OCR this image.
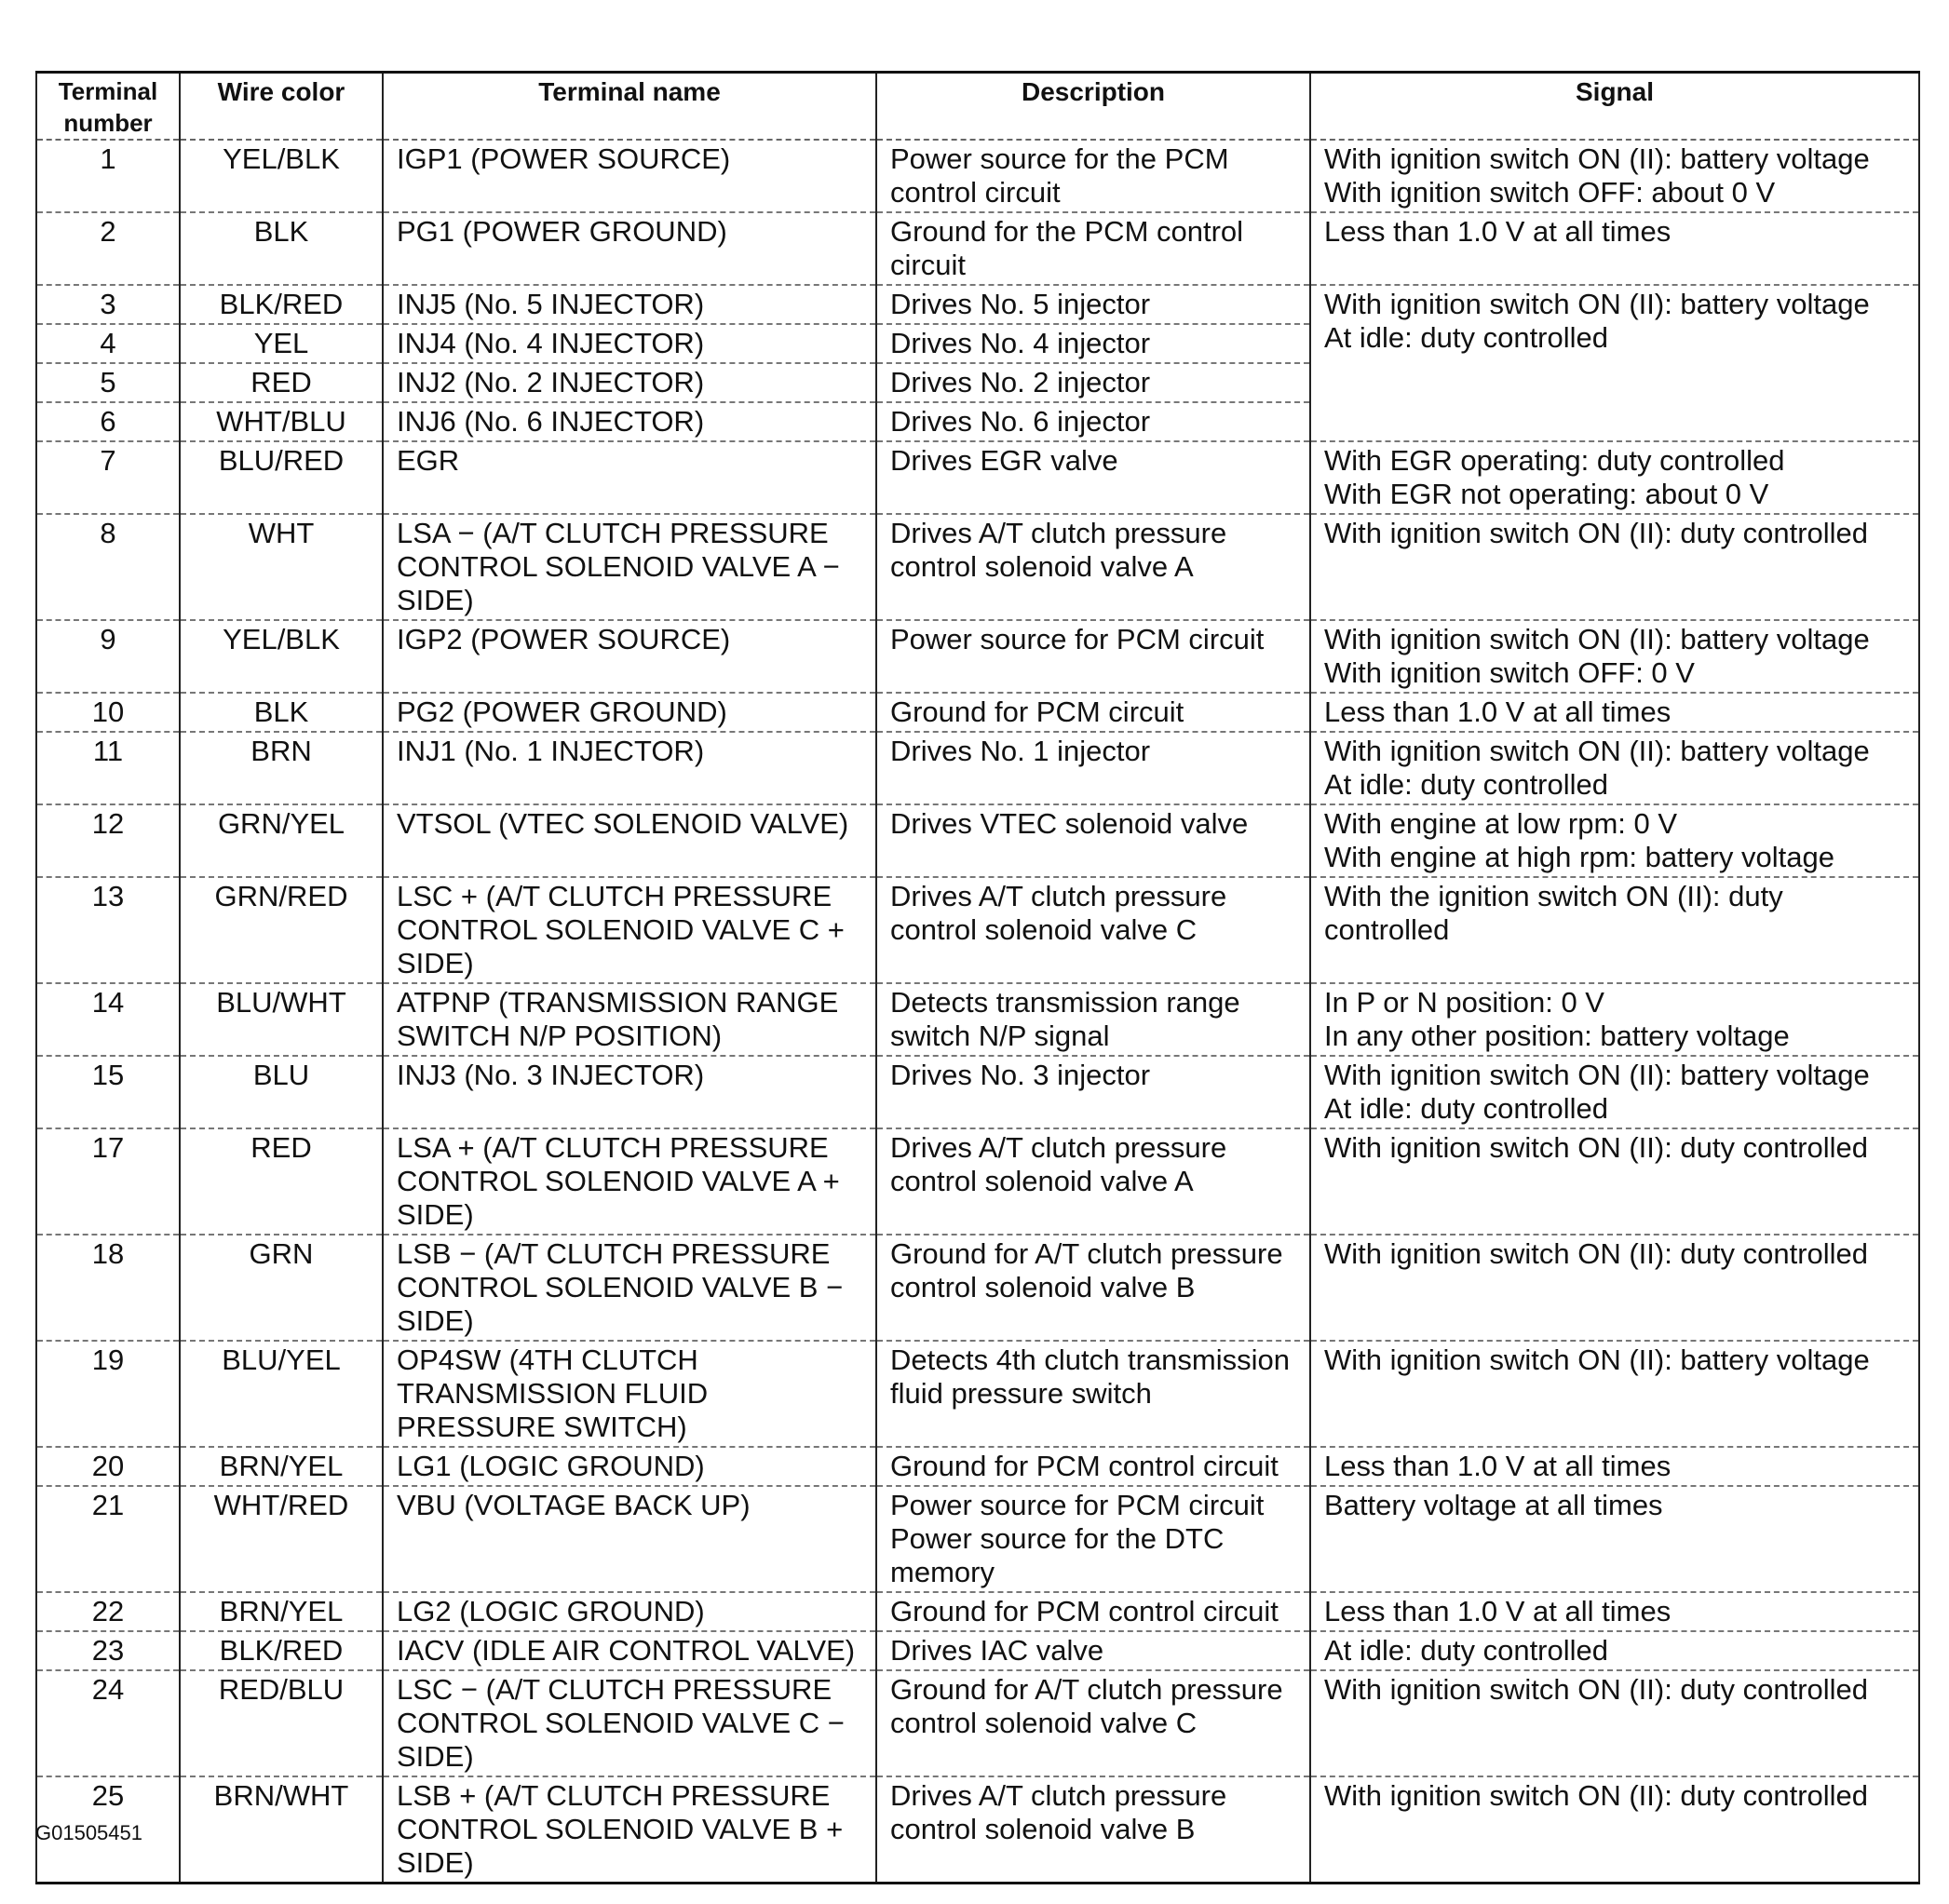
Terminal number	Wire color	Terminal name	Description	Signal
1	YEL/BLK	IGP1 (POWER SOURCE)	Power source for the PCM control circuit	With ignition switch ON (II): battery voltage
With ignition switch OFF: about 0 V

2	BLK	PG1 (POWER GROUND)	Ground for the PCM control circuit	Less than 1.0 V at all times
3	BLK/RED	INJ5 (No. 5 INJECTOR)	Drives No. 5 injector	With ignition switch ON (II): battery voltage
At idle: duty controlled

4	YEL	INJ4 (No. 4 INJECTOR)	Drives No. 4 injector	
5	RED	INJ2 (No. 2 INJECTOR)	Drives No. 2 injector	
6	WHT/BLU	INJ6 (No. 6 INJECTOR)	Drives No. 6 injector	
7	BLU/RED	EGR	Drives EGR valve	With EGR operating: duty controlled
With EGR not operating: about 0 V

8	WHT	LSA − (A/T CLUTCH PRESSURE CONTROL SOLENOID VALVE A − SIDE)	Drives A/T clutch pressure control solenoid valve A	With ignition switch ON (II): duty controlled
9	YEL/BLK	IGP2 (POWER SOURCE)	Power source for PCM circuit	With ignition switch ON (II): battery voltage
With ignition switch OFF: 0 V

10	BLK	PG2 (POWER GROUND)	Ground for PCM circuit	Less than 1.0 V at all times
11	BRN	INJ1 (No. 1 INJECTOR)	Drives No. 1 injector	With ignition switch ON (II): battery voltage
At idle: duty controlled

12	GRN/YEL	VTSOL (VTEC SOLENOID VALVE)	Drives VTEC solenoid valve	With engine at low rpm: 0 V
With engine at high rpm: battery voltage

13	GRN/RED	LSC + (A/T CLUTCH PRESSURE CONTROL SOLENOID VALVE C + SIDE)	Drives A/T clutch pressure control solenoid valve C	With the ignition switch ON (II): duty controlled
14	BLU/WHT	ATPNP (TRANSMISSION RANGE SWITCH N/P POSITION)	Detects transmission range switch N/P signal	In P or N position: 0 V
In any other position: battery voltage

15	BLU	INJ3 (No. 3 INJECTOR)	Drives No. 3 injector	With ignition switch ON (II): battery voltage
At idle: duty controlled

17	RED	LSA + (A/T CLUTCH PRESSURE CONTROL SOLENOID VALVE A + SIDE)	Drives A/T clutch pressure control solenoid valve A	With ignition switch ON (II): duty controlled
18	GRN	LSB − (A/T CLUTCH PRESSURE CONTROL SOLENOID VALVE B − SIDE)	Ground for A/T clutch pressure control solenoid valve B	With ignition switch ON (II): duty controlled
19	BLU/YEL	OP4SW (4TH CLUTCH TRANSMISSION FLUID PRESSURE SWITCH)	Detects 4th clutch transmission fluid pressure switch	With ignition switch ON (II): battery voltage
20	BRN/YEL	LG1 (LOGIC GROUND)	Ground for PCM control circuit	Less than 1.0 V at all times
21	WHT/RED	VBU (VOLTAGE BACK UP)	Power source for PCM circuit
Power source for the DTC memory	Battery voltage at all times
22	BRN/YEL	LG2 (LOGIC GROUND)	Ground for PCM control circuit	Less than 1.0 V at all times
23	BLK/RED	IACV (IDLE AIR CONTROL VALVE)	Drives IAC valve	At idle: duty controlled
24	RED/BLU	LSC − (A/T CLUTCH PRESSURE CONTROL SOLENOID VALVE C − SIDE)	Ground for A/T clutch pressure control solenoid valve C	With ignition switch ON (II): duty controlled
25	BRN/WHT	LSB + (A/T CLUTCH PRESSURE CONTROL SOLENOID VALVE B + SIDE)	Drives A/T clutch pressure control solenoid valve B	With ignition switch ON (II): duty controlled
G01505451
